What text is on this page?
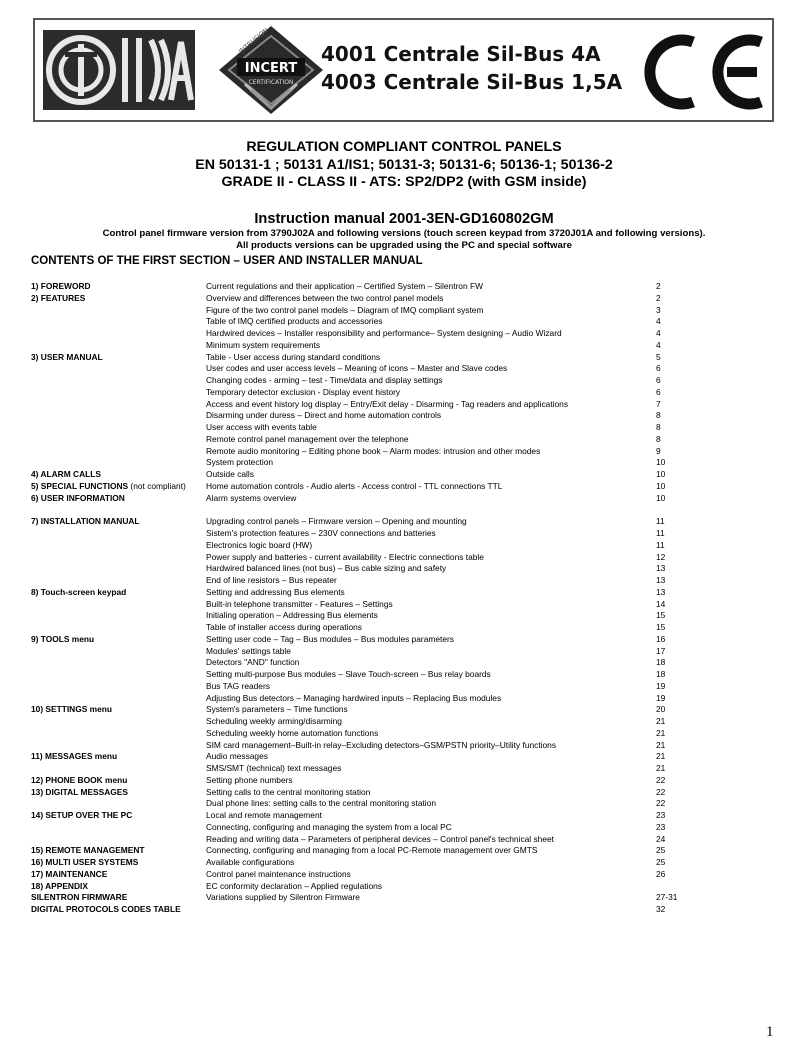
INCERT
CERTIFICATION
INTRUSION	4001 Centrale Sil-Bus 4A
4003 Centrale Sil-Bus 1,5A
REGULATION COMPLIANT CONTROL PANELS
EN 50131-1 ; 50131 A1/IS1; 50131-3; 50131-6; 50136-1; 50136-2
GRADE II - CLASS II - ATS: SP2/DP2 (with GSM inside)
Instruction manual 2001-3EN-GD160802GM
Control panel firmware version from 3790J02A and following versions (touch screen keypad from 3720J01A and following versions).
All products versions can be upgraded using the PC and special software
CONTENTS OF THE FIRST SECTION – USER AND INSTALLER MANUAL
1) FOREWORD	Current regulations and their application – Certified System – Silentron FW	2
2) FEATURES	Overview and differences between the two control panel models	2
Figure of the two control panel models – Diagram of IMQ compliant system	3
Table of IMQ certified products and accessories	4
Hardwired devices – Installer responsibility and performance– System designing – Audio Wizard	4
Minimum system requirements	4
3) USER MANUAL	Table - User access during standard conditions	5
User codes and user access levels – Meaning of icons – Master and Slave codes	6
Changing codes - arming – test - Time/data and display settings	6
Temporary detector exclusion - Display event history	6
Access and event history log display – Entry/Exit delay - Disarming - Tag readers and applications	7
Disarming under duress – Direct and home automation controls	8
User access with events table	8
Remote control panel management over the telephone	8
Remote audio monitoring – Editing phone book – Alarm modes: intrusion and other modes	9
System protection	10
4) ALARM CALLS	Outside calls	10
5) SPECIAL FUNCTIONS (not compliant) Home automation controls - Audio alerts - Access control - TTL connections TTL	10
6) USER INFORMATION	Alarm systems overview	10
7) INSTALLATION MANUAL	Upgrading control panels – Firmware version – Opening and mounting	11
Sistem's protection features – 230V connections and batteries	11
Electronics logic board (HW)	11
Power supply and batteries - current availability - Electric connections table	12
Hardwired balanced lines (not bus) – Bus cable sizing and safety	13
End of line resistors – Bus repeater	13
8) Touch-screen keypad	Setting and addressing Bus elements	13
Built-in telephone transmitter - Features – Settings	14
Initialing operation – Addressing Bus elements	15
Table of installer access during operations	15
9) TOOLS menu	Setting user code – Tag – Bus modules – Bus modules parameters	16
Modules' settings table	17
Detectors "AND" function	18
Setting multi-purpose Bus modules – Slave Touch-screen – Bus relay boards	18
Bus TAG readers	19
Adjusting Bus detectors – Managing hardwired inputs – Replacing Bus modules	19
10) SETTINGS menu	System's parameters – Time functions	20
Scheduling weekly arming/disarming	21
Scheduling weekly home automation functions	21
SIM card management–Built-in relay–Excluding detectors–GSM/PSTN priority–Utility functions	21
11) MESSAGES menu	Audio messages	21
SMS/SMT (technical) text messages	21
12) PHONE BOOK menu	Setting phone numbers	22
13) DIGITAL MESSAGES	Setting calls to the central monitoring station	22
Dual phone lines: setting calls to the central monitoring station	22
14) SETUP OVER THE PC	Local and remote management	23
Connecting, configuring and managing the system from a local PC	23
Reading and writing data – Parameters of peripheral devices – Control panel's technical sheet	24
15) REMOTE MANAGEMENT	Connecting, configuring and managing from a local PC-Remote management over GMTS	25
16) MULTI USER SYSTEMS	Available configurations	25
17) MAINTENANCE	Control panel maintenance instructions	26
18) APPENDIX	EC conformity declaration – Applied regulations
SILENTRON FIRMWARE	Variations supplied by Silentron Firmware	27-31
DIGITAL PROTOCOLS CODES TABLE	32
1
